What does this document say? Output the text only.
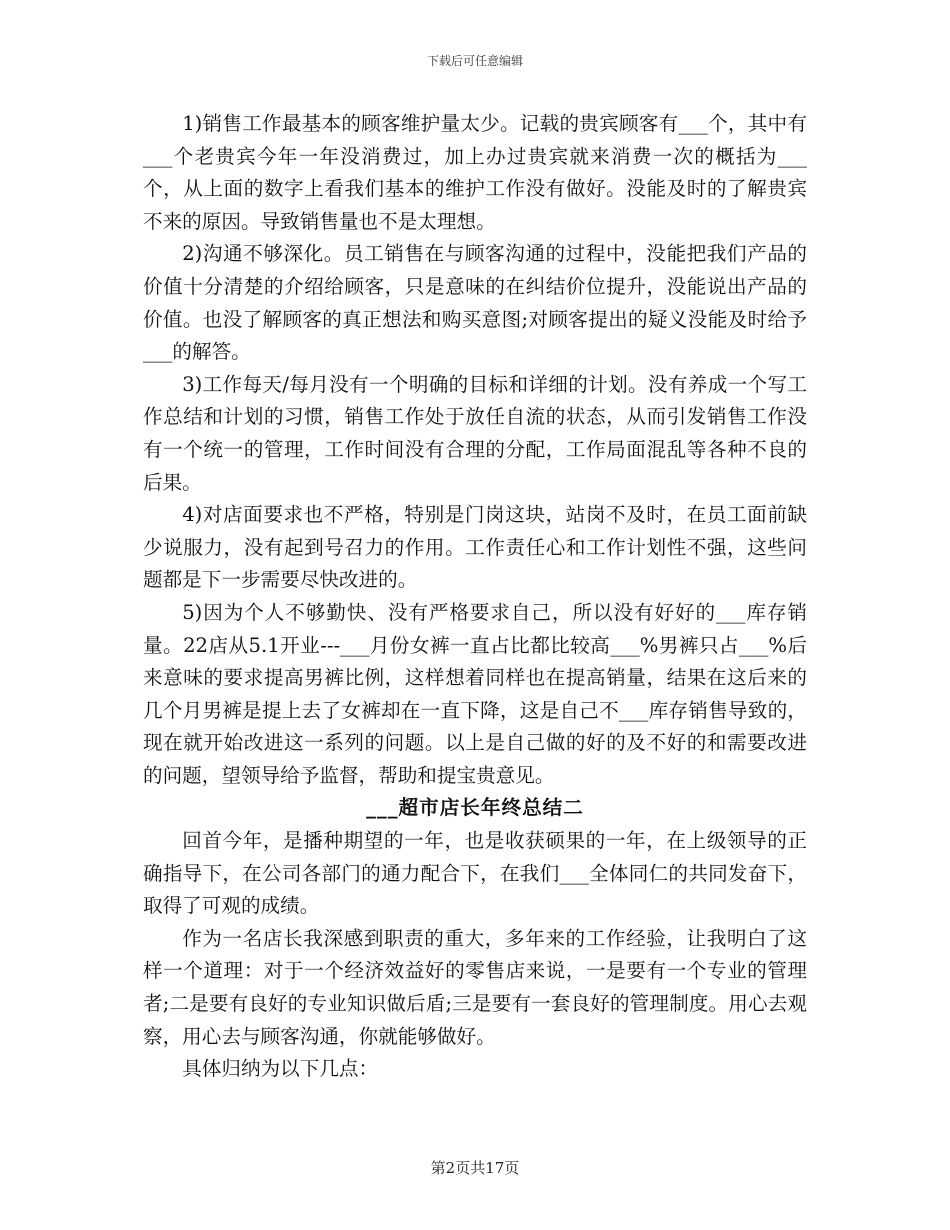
下载后可任意编辑

1)销售工作最基本的顾客维护量太少。记载的贵宾顾客有___个，其中有___个老贵宾今年一年没消费过，加上办过贵宾就来消费一次的概括为___个，从上面的数字上看我们基本的维护工作没有做好。没能及时的了解贵宾不来的原因。导致销售量也不是太理想。

2)沟通不够深化。员工销售在与顾客沟通的过程中，没能把我们产品的价值十分清楚的介绍给顾客，只是意味的在纠结价位提升，没能说出产品的价值。也没了解顾客的真正想法和购买意图;对顾客提出的疑义没能及时给予___的解答。

3)工作每天/每月没有一个明确的目标和详细的计划。没有养成一个写工作总结和计划的习惯，销售工作处于放任自流的状态，从而引发销售工作没有一个统一的管理，工作时间没有合理的分配，工作局面混乱等各种不良的后果。

4)对店面要求也不严格，特别是门岗这块，站岗不及时，在员工面前缺少说服力，没有起到号召力的作用。工作责任心和工作计划性不强，这些问题都是下一步需要尽快改进的。

5)因为个人不够勤快、没有严格要求自己，所以没有好好的___库存销量。22店从5.1开业---___月份女裤一直占比都比较高___%男裤只占___%后来意味的要求提高男裤比例，这样想着同样也在提高销量，结果在这后来的几个月男裤是提上去了女裤却在一直下降，这是自己不___库存销售导致的，现在就开始改进这一系列的问题。以上是自己做的好的及不好的和需要改进的问题，望领导给予监督，帮助和提宝贵意见。

___超市店长年终总结二

回首今年，是播种期望的一年，也是收获硕果的一年，在上级领导的正确指导下，在公司各部门的通力配合下，在我们___全体同仁的共同发奋下，取得了可观的成绩。

作为一名店长我深感到职责的重大，多年来的工作经验，让我明白了这样一个道理：对于一个经济效益好的零售店来说，一是要有一个专业的管理者;二是要有良好的专业知识做后盾;三是要有一套良好的管理制度。用心去观察，用心去与顾客沟通，你就能够做好。

具体归纳为以下几点：

第2页共17页
